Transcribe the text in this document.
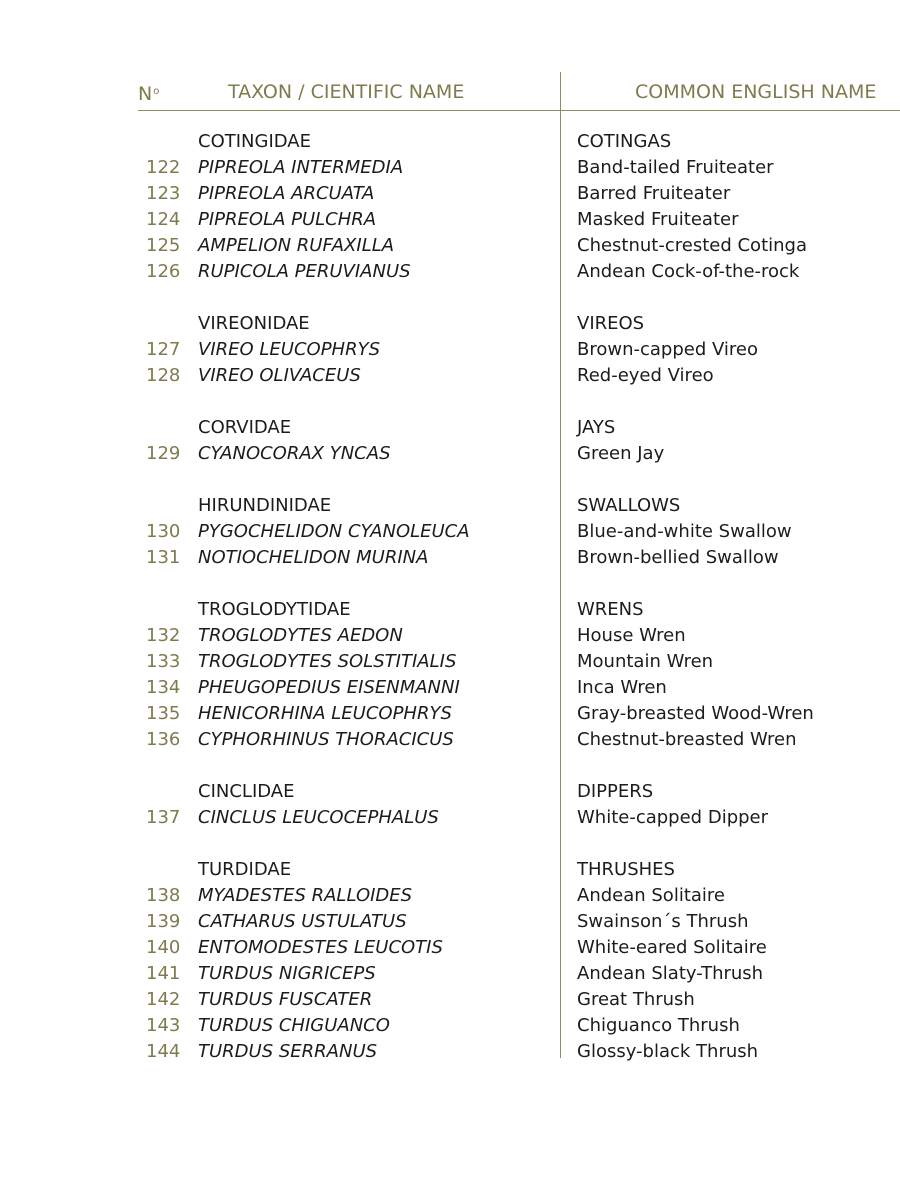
$N^o$	TAXON / CIENTIFIC NAME	COMMON ENGLISH NAME
COTINGIDAE	COTINGAS
122 PIPREOLA INTERMEDIA	Band-tailed Fruiteater
123 PIPREOLA ARCUATA	Barred Fruiteater
124 PIPREOLA PULCHRA	Masked Fruiteater
125 AMPELION RUFAXILLA	Chestnut-crested Cotinga
126 RUPICOLA PERUVIANUS	Andean Cock-of-the-rock
VIREONIDAE	VIREOS
127 VIREO LEUCOPHRYS	Brown-capped Vireo
128 VIREO OLIVACEUS	Red-eyed Vireo
CORVIDAE	JAYS
129 CYANOCORAX YNCAS	Green Jay
HIRUNDINIDAE	SWALLOWS
130 PYGOCHELIDON CYANOLEUCA	Blue-and-white Swallow
131 NOTIOCHELIDON MURINA	Brown-bellied Swallow
TROGLODYTIDAE	WRENS
132 TROGLODYTES AEDON	House Wren
133 TROGLODYTES SOLSTITIALIS	Mountain Wren
134 PHEUGOPEDIUS EISENMANNI	Inca Wren
135 HENICORHINA LEUCOPHRYS	Gray-breasted Wood-Wren
136 CYPHORHINUS THORACICUS	Chestnut-breasted Wren
CINCLIDAE	DIPPERS
137 CINCLUS LEUCOCEPHALUS	White-capped Dipper
TURDIDAE	THRUSHES
138 MYADESTES RALLOIDES	Andean Solitaire
139 CATHARUS USTULATUS	Swainson´s Thrush
140 ENTOMODESTES LEUCOTIS	White-eared Solitaire
141 TURDUS NIGRICEPS	Andean Slaty-Thrush
142 TURDUS FUSCATER	Great Thrush
143 TURDUS CHIGUANCO	Chiguanco Thrush
144 TURDUS SERRANUS	Glossy-black Thrush
